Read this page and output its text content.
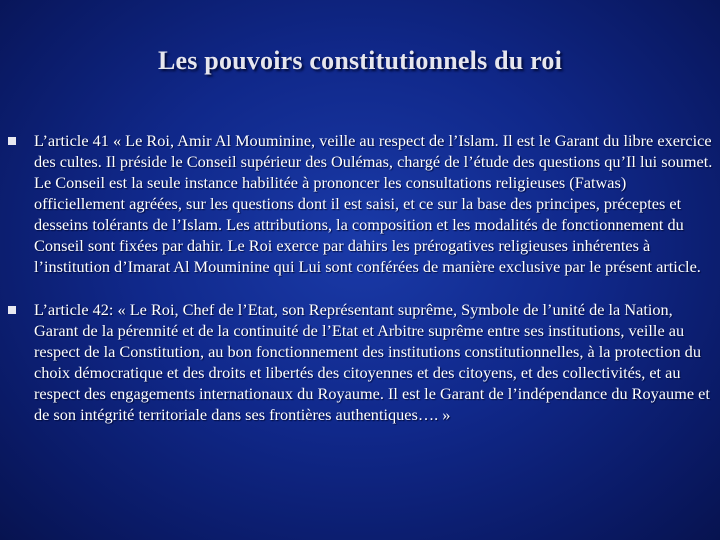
Les pouvoirs constitutionnels du roi
L’article 41 « Le Roi, Amir Al Mouminine, veille au respect de l’Islam. Il est le Garant du libre exercice des cultes. Il préside le Conseil supérieur des Oulémas, chargé de l’étude des questions qu’Il lui soumet. Le Conseil est la seule instance habilitée à prononcer les consultations religieuses (Fatwas) officiellement agréées, sur les questions dont il est saisi, et ce sur la base des principes, préceptes et desseins tolérants de l’Islam. Les attributions, la composition et les modalités de fonctionnement du Conseil sont fixées par dahir. Le Roi exerce par dahirs les prérogatives religieuses inhérentes à l’institution d’Imarat Al Mouminine qui Lui sont conférées de manière exclusive par le présent article.
L’article 42: « Le Roi, Chef de l’Etat, son Représentant suprême, Symbole de l’unité de la Nation, Garant de la pérennité et de la continuité de l’Etat et Arbitre suprême entre ses institutions, veille au respect de la Constitution, au bon fonctionnement des institutions constitutionnelles, à la protection du choix démocratique et des droits et libertés des citoyennes et des citoyens, et des collectivités, et au respect des engagements internationaux du Royaume. Il est le Garant de l’indépendance du Royaume et de son intégrité territoriale dans ses frontières authentiques…. »
